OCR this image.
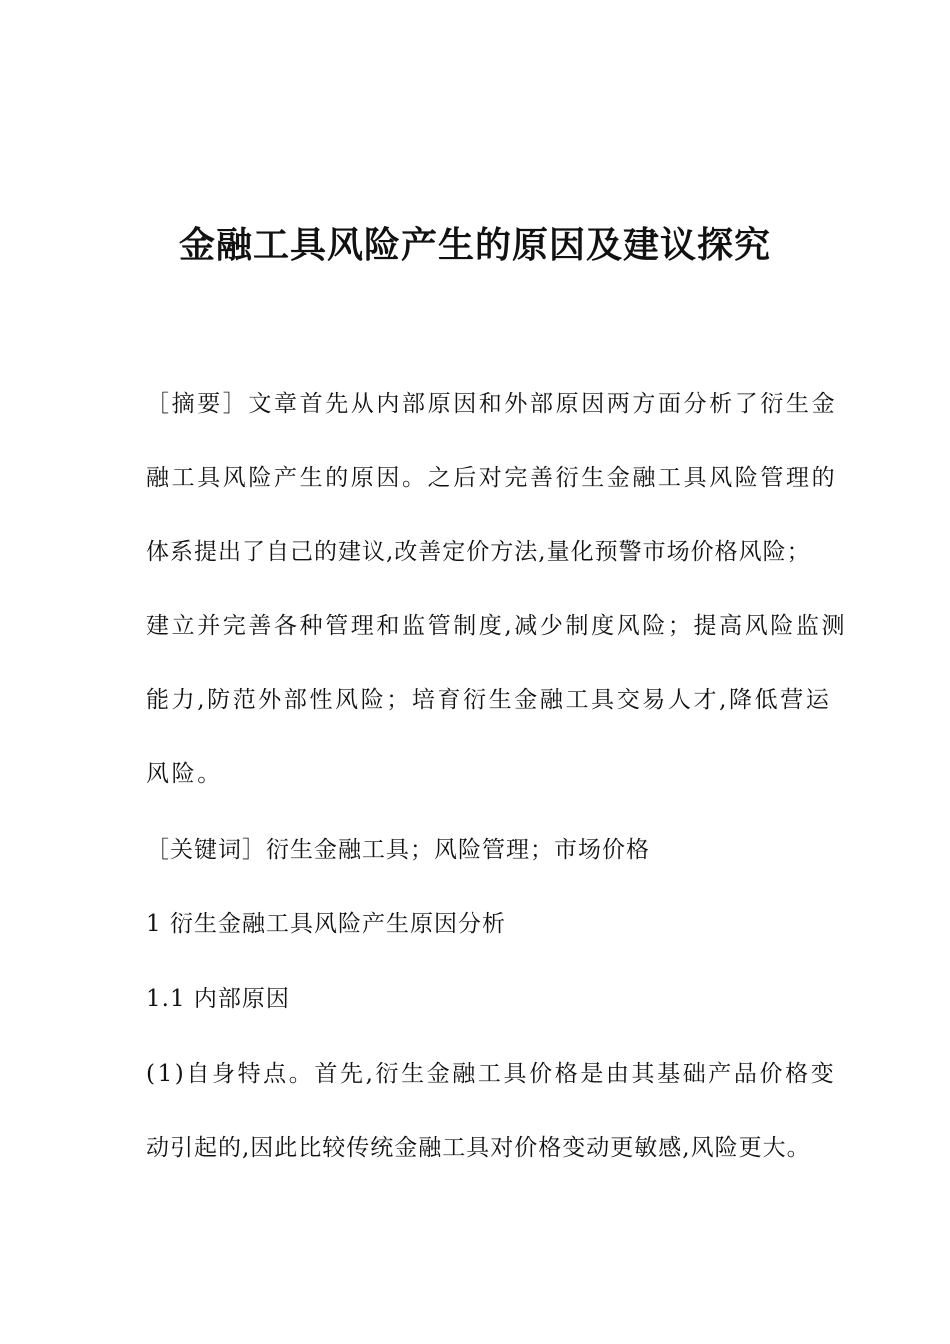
金融工具风险产生的原因及建议探究

［摘要］文章首先从内部原因和外部原因两方面分析了衍生金

融工具风险产生的原因。之后对完善衍生金融工具风险管理的

体系提出了自己的建议,改善定价方法,量化预警市场价格风险；

建立并完善各种管理和监管制度,减少制度风险；提高风险监测

能力,防范外部性风险；培育衍生金融工具交易人才,降低营运

风险。

［关键词］衍生金融工具；风险管理；市场价格

1 衍生金融工具风险产生原因分析

1.1 内部原因

(1)自身特点。首先,衍生金融工具价格是由其基础产品价格变

动引起的,因此比较传统金融工具对价格变动更敏感,风险更大。
